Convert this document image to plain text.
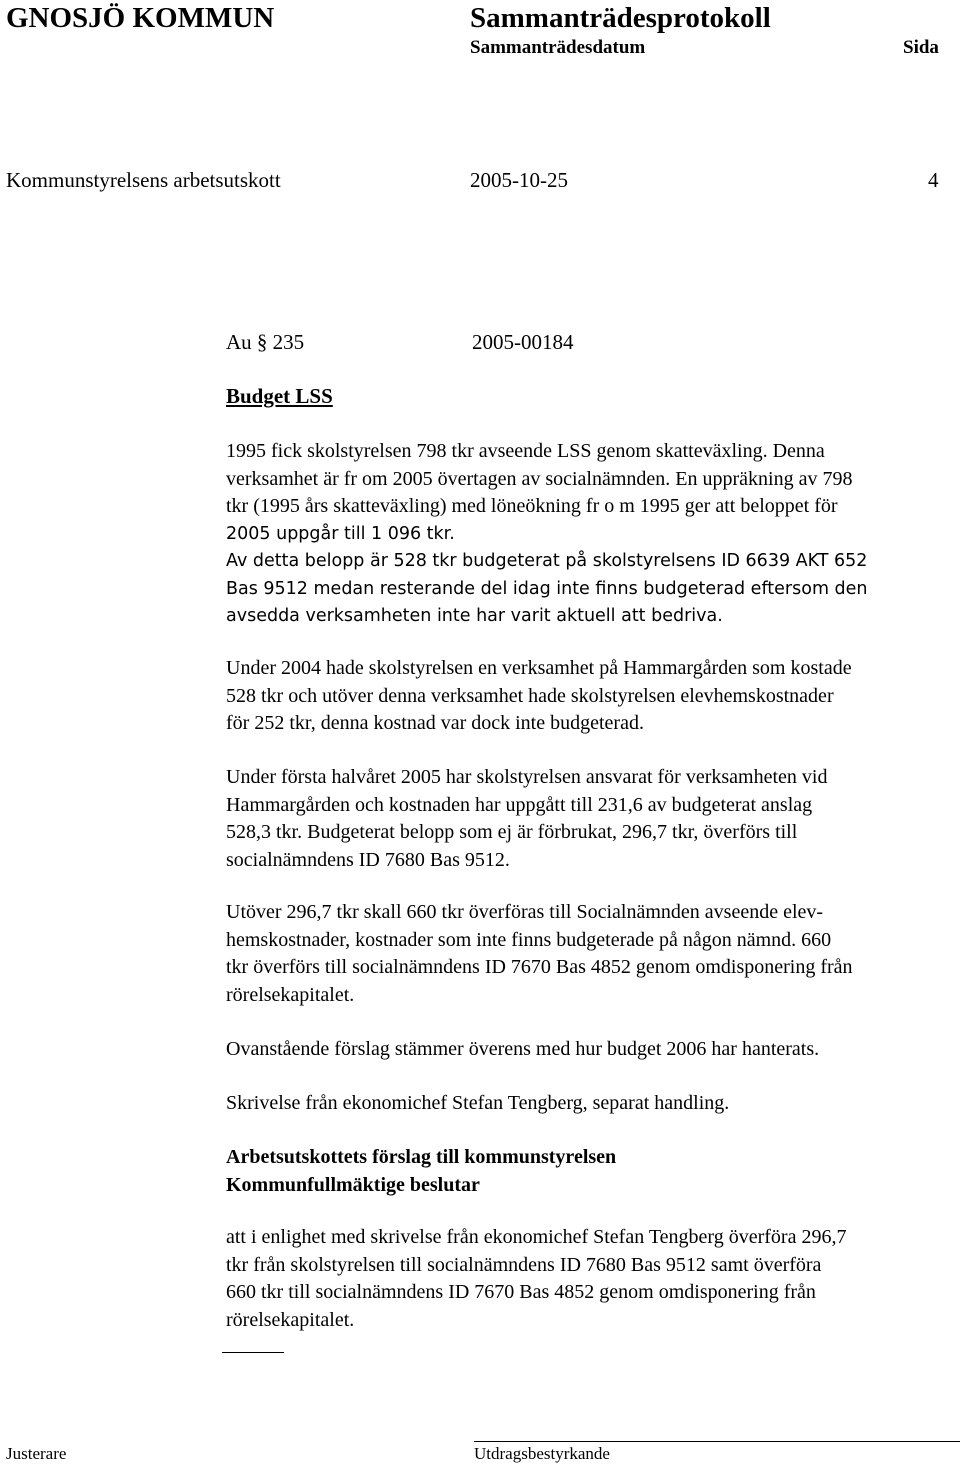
GNOSJÖ KOMMUN	Sammanträdesprotokoll
Sammanträdesdatum	Sida
Kommunstyrelsens arbetsutskott	2005-10-25	4
Au § 235	2005-00184
Budget LSS

1995 fick skolstyrelsen 798 tkr avseende LSS genom skatteväxling. Denna

verksamhet är fr om 2005 övertagen av socialnämnden. En uppräkning av 798

tkr (1995 års skatteväxling) med löneökning fr o m 1995 ger att beloppet för

2005 uppgår till 1 096 tkr.

Av detta belopp är 528 tkr budgeterat på skolstyrelsens ID 6639 AKT 652

Bas 9512 medan resterande del idag inte finns budgeterad eftersom den

avsedda verksamheten inte har varit aktuell att bedriva.

Under 2004 hade skolstyrelsen en verksamhet på Hammargården som kostade

528 tkr och utöver denna verksamhet hade skolstyrelsen elevhemskostnader

för 252 tkr, denna kostnad var dock inte budgeterad.

Under första halvåret 2005 har skolstyrelsen ansvarat för verksamheten vid

Hammargården och kostnaden har uppgått till 231,6 av budgeterat anslag

528,3 tkr. Budgeterat belopp som ej är förbrukat, 296,7 tkr, överförs till

socialnämndens ID 7680 Bas 9512.

Utöver 296,7 tkr skall 660 tkr överföras till Socialnämnden avseende elev-

hemskostnader, kostnader som inte finns budgeterade på någon nämnd. 660

tkr överförs till socialnämndens ID 7670 Bas 4852 genom omdisponering från

rörelsekapitalet.

Ovanstående förslag stämmer överens med hur budget 2006 har hanterats.

Skrivelse från ekonomichef Stefan Tengberg, separat handling.

Arbetsutskottets förslag till kommunstyrelsen

Kommunfullmäktige beslutar

att i enlighet med skrivelse från ekonomichef Stefan Tengberg överföra 296,7

tkr från skolstyrelsen till socialnämndens ID 7680 Bas 9512 samt överföra

660 tkr till socialnämndens ID 7670 Bas 4852 genom omdisponering från

rörelsekapitalet.

Justerare	Utdragsbestyrkande
